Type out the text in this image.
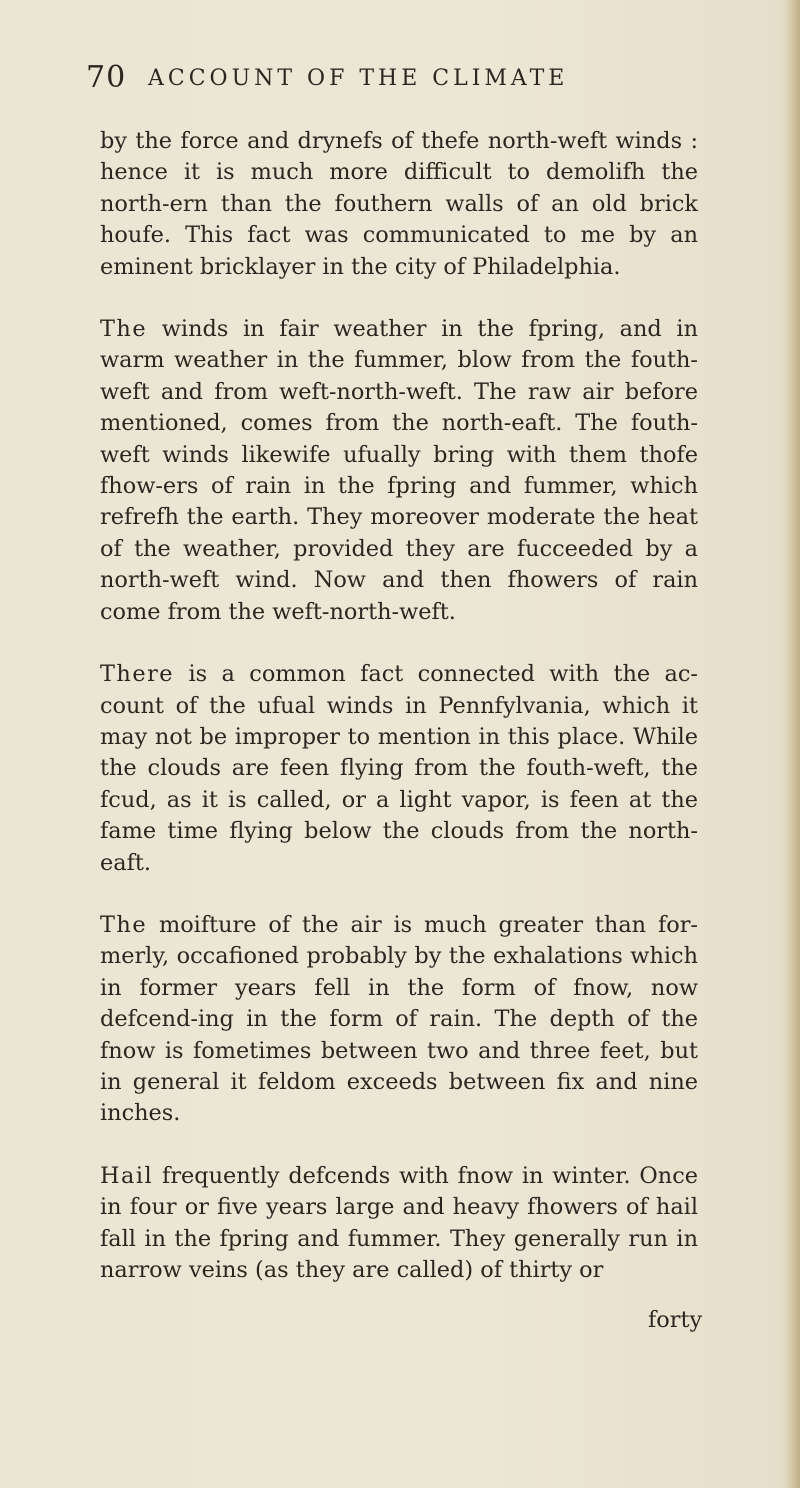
70 ACCOUNT OF THE CLIMATE

by the force and drynefs of thefe north-weft winds : hence it is much more difficult to demolifh the north-ern than the fouthern walls of an old brick houfe. This fact was communicated to me by an eminent bricklayer in the city of Philadelphia.

The winds in fair weather in the fpring, and in warm weather in the fummer, blow from the fouth-weft and from weft-north-weft. The raw air before mentioned, comes from the north-eaft. The fouth-weft winds likewife ufually bring with them thofe fhow-ers of rain in the fpring and fummer, which refrefh the earth. They moreover moderate the heat of the weather, provided they are fucceeded by a north-weft wind. Now and then fhowers of rain come from the weft-north-weft.

There is a common fact connected with the ac-count of the ufual winds in Pennfylvania, which it may not be improper to mention in this place. While the clouds are feen flying from the fouth-weft, the fcud, as it is called, or a light vapor, is feen at the fame time flying below the clouds from the north-eaft.

The moifture of the air is much greater than for-merly, occafioned probably by the exhalations which in former years fell in the form of fnow, now defcend-ing in the form of rain. The depth of the fnow is fometimes between two and three feet, but in general it feldom exceeds between fix and nine inches.

Hail frequently defcends with fnow in winter. Once in four or five years large and heavy fhowers of hail fall in the fpring and fummer. They generally run in narrow veins (as they are called) of thirty or

forty
